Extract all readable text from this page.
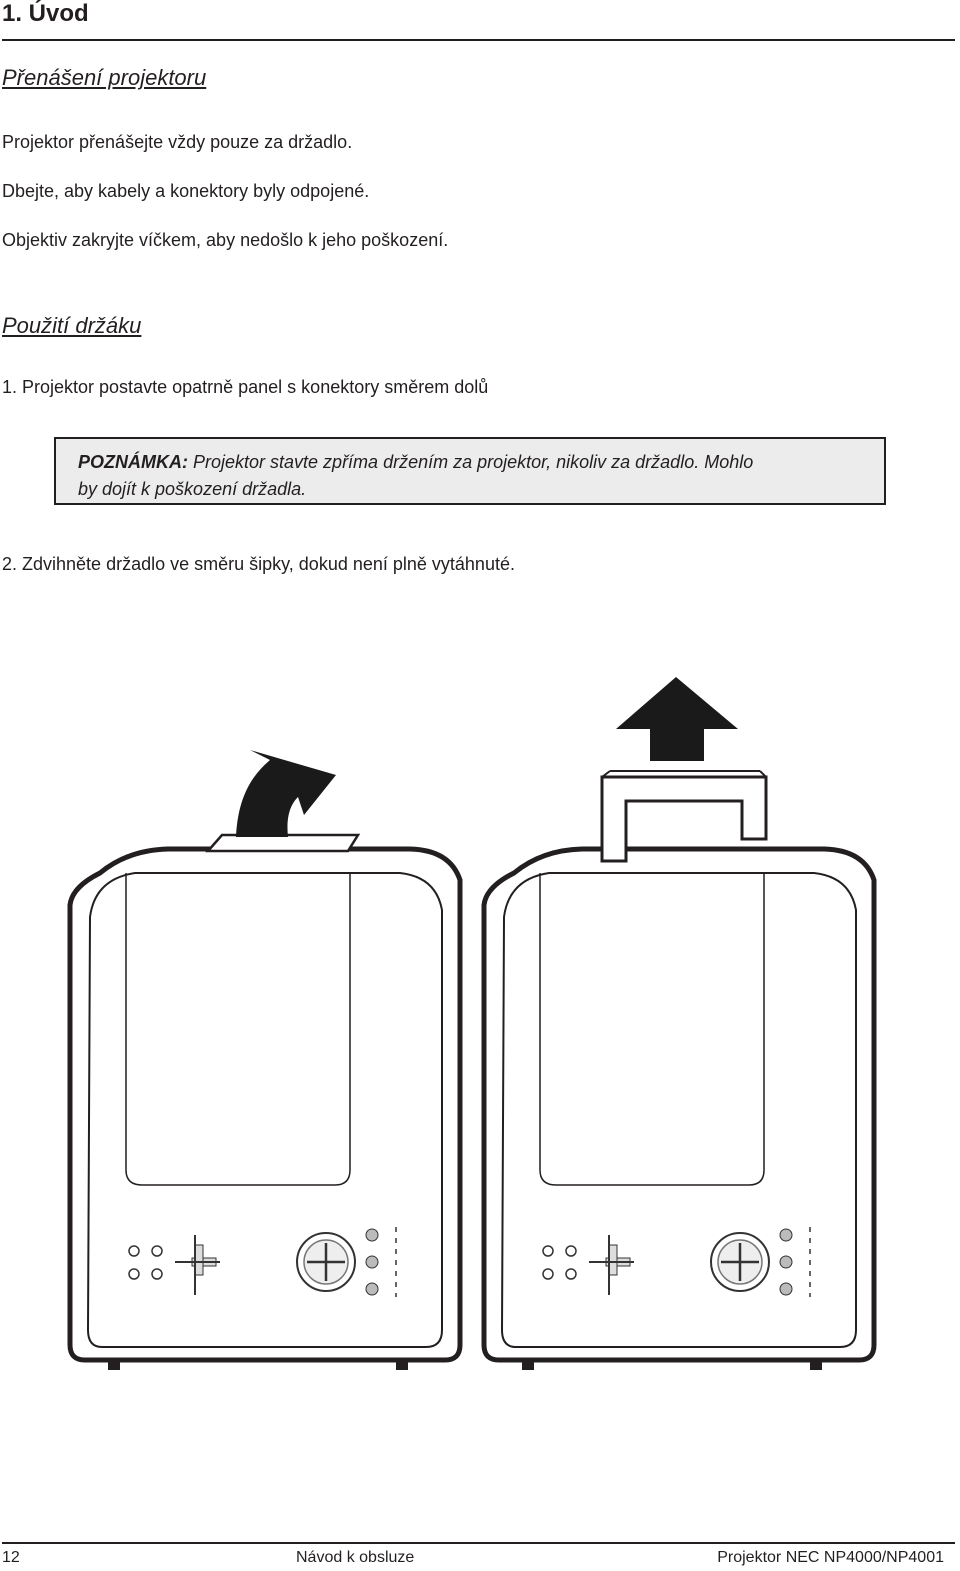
1. Úvod
Přenášení projektoru
Projektor přenášejte vždy pouze za držadlo.
Dbejte, aby kabely a konektory byly odpojené.
Objektiv zakryjte víčkem, aby nedošlo k jeho poškození.
Použití držáku
1. Projektor postavte opatrně panel s konektory směrem dolů
POZNÁMKA: Projektor stavte zpříma držením za projektor, nikoliv za držadlo. Mohlo
by dojít k poškození držadla.
2. Zdvihněte držadlo ve směru šipky, dokud není plně vytáhnuté.
12	Návod k obsluze	Projektor NEC NP4000/NP4001
